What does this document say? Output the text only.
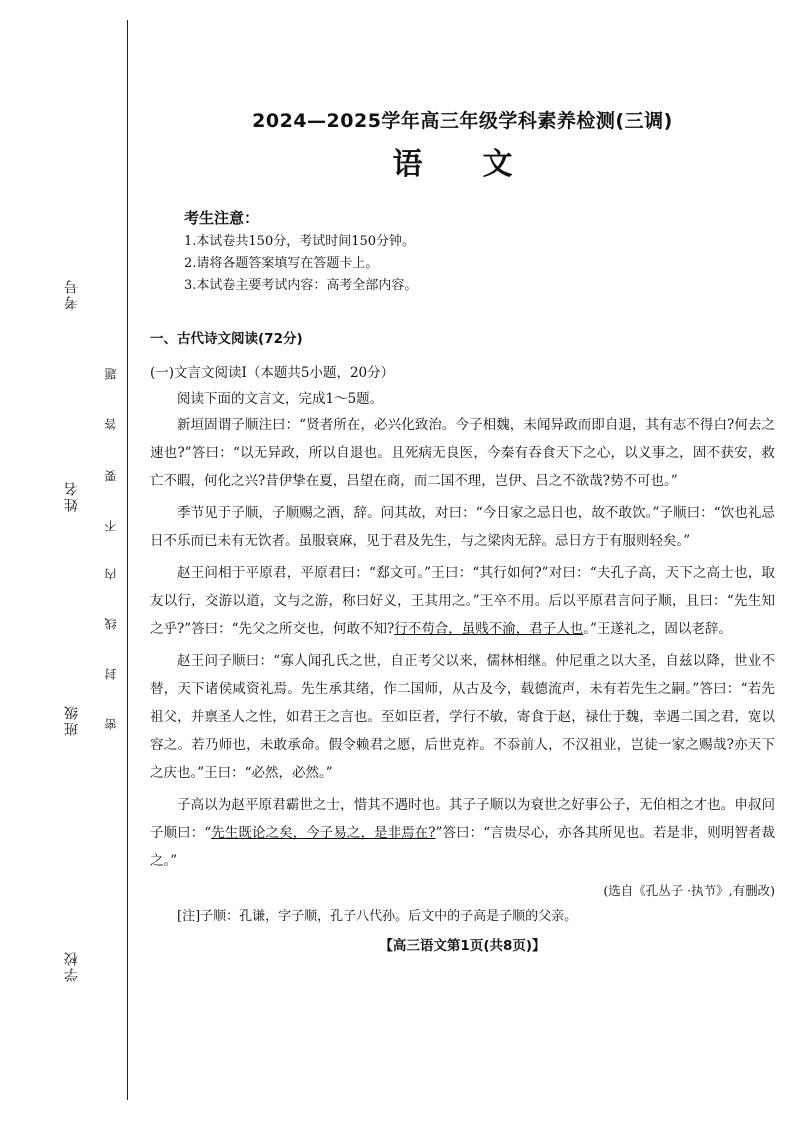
考号
姓名
班级
学校
题
答
要
不
内
线
封
密
2024—2025学年高三年级学科素养检测(三调)
语文
考生注意：
1.本试卷共150分，考试时间150分钟。
2.请将各题答案填写在答题卡上。
3.本试卷主要考试内容：高考全部内容。
一、古代诗文阅读(72分)
(一)文言文阅读I（本题共5小题，20分）
阅读下面的文言文，完成1～5题。
新垣固谓子顺注曰：“贤者所在，必兴化致治。今子相魏，未闻异政而即自退，其有志不得白?何去之速也?”答曰：“以无异政，所以自退也。且死病无良医，今秦有吞食天下之心，以义事之，固不获安，救亡不暇，何化之兴?昔伊挚在夏，吕望在商，而二国不理，岂伊、吕之不欲哉?势不可也。”
季节见于子顺，子顺赐之酒，辞。问其故，对曰：“今日家之忌日也，故不敢饮。”子顺曰：“饮也礼忌日不乐而已未有无饮者。虽服衰麻，见于君及先生，与之梁肉无辞。忌日方于有服则轻矣。”
赵王问相于平原君，平原君曰：“郄文可。”王曰：“其行如何?”对曰：“夫孔子高，天下之高士也，取友以行，交游以道，文与之游，称曰好义，王其用之。”王卒不用。后以平原君言问子顺，且曰：“先生知之乎?”答曰：“先父之所交也，何敢不知?行不苟合，虽贱不渝，君子人也。”王遂礼之，固以老辞。
赵王问子顺曰：“寡人闻孔氏之世，自正考父以来，儒林相继。仲尼重之以大圣，自兹以降，世业不替，天下诸侯咸资礼焉。先生承其绪，作二国师，从古及今，载德流声，未有若先生之嗣。”答曰：“若先祖父，并禀圣人之性，如君王之言也。至如臣者，学行不敏，寄食于赵，禄仕于魏，幸遇二国之君，宽以容之。若乃师也，未敢承命。假令赖君之愿，后世克祚。不忝前人，不汉祖业，岂徒一家之赐哉?亦天下之庆也。”王曰：“必然，必然。”
子高以为赵平原君霸世之士，惜其不遇时也。其子子顺以为衰世之好事公子，无伯相之才也。申叔问子顺曰：“先生既论之矣，今子易之，是非焉在?”答曰：“言贵尽心，亦各其所见也。若是非，则明智者裁之。”
(选自《孔丛子 ·执节》,有删改)
[注]子顺：孔谦，字子顺，孔子八代孙。后文中的子高是子顺的父亲。
【高三语文第1页(共8页)】
